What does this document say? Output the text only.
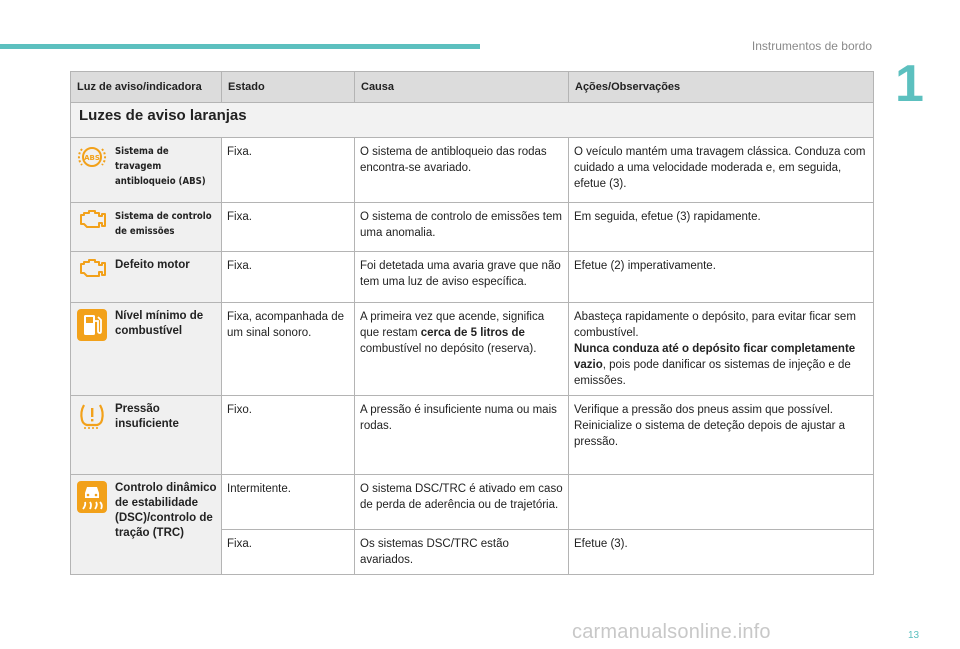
Instrumentos de bordo
1
Luz de aviso/indicadora		Estado	Causa	Ações/Observações
Luzes de aviso laranjas				

ABS	Sistema de travagem antibloqueio (ABS)	Fixa.	O sistema de antibloqueio das rodas encontra-se avariado.	O veículo mantém uma travagem clássica. Conduza com cuidado a uma velocidade moderada e, em seguida, efetue (3).

	Sistema de controlo de emissões	Fixa.	O sistema de controlo de emissões tem uma anomalia.	Em seguida, efetue (3) rapidamente.

	Defeito motor	Fixa.	Foi detetada uma avaria grave que não tem uma luz de aviso específica.	Efetue (2) imperativamente.

	Nível mínimo de combustível	Fixa, acompanhada de um sinal sonoro.	A primeira vez que acende, significa que restam cerca de 5 litros de combustível no depósito (reserva).	Abasteça rapidamente o depósito, para evitar ficar sem combustível.
Nunca conduza até o depósito ficar completamente vazio, pois pode danificar os sistemas de injeção e de emissões.

	Pressão insuficiente	Fixo.	A pressão é insuficiente numa ou mais rodas.	Verifique a pressão dos pneus assim que possível. Reinicialize o sistema de deteção depois de ajustar a pressão.

	Controlo dinâmico de estabilidade (DSC)/controlo de tração (TRC)	Intermitente.	O sistema DSC/TRC é ativado em caso de perda de aderência ou de trajetória.	
		Fixa.	Os sistemas DSC/TRC estão avariados.	Efetue (3).
carmanualsonline.info	13
